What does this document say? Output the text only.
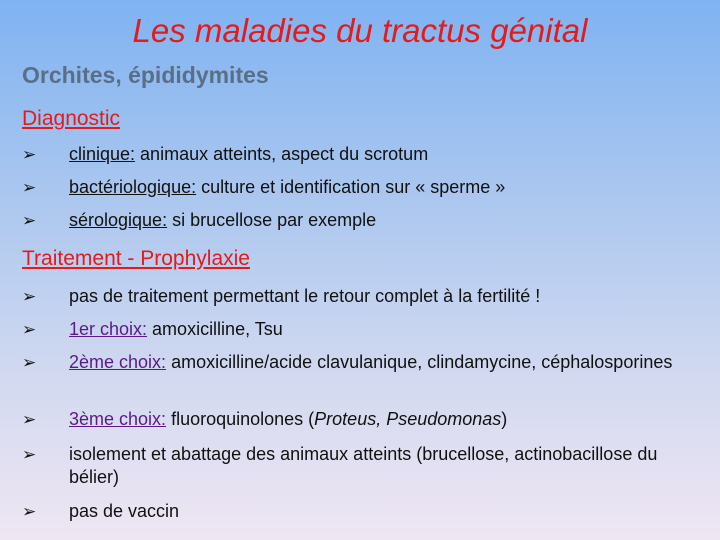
Les maladies du tractus génital
Orchites, épididymites
Diagnostic
➢	clinique: animaux atteints, aspect du scrotum
➢	bactériologique: culture et identification sur « sperme »
➢	sérologique: si brucellose par exemple
Traitement - Prophylaxie
➢	pas de traitement permettant le retour complet à la fertilité !
➢	1er choix: amoxicilline, Tsu
➢	2ème choix: amoxicilline/acide clavulanique, clindamycine, céphalosporines
➢	3ème choix: fluoroquinolones (Proteus, Pseudomonas)
➢	isolement et abattage des animaux atteints (brucellose, actinobacillose du bélier)
➢	pas de vaccin
